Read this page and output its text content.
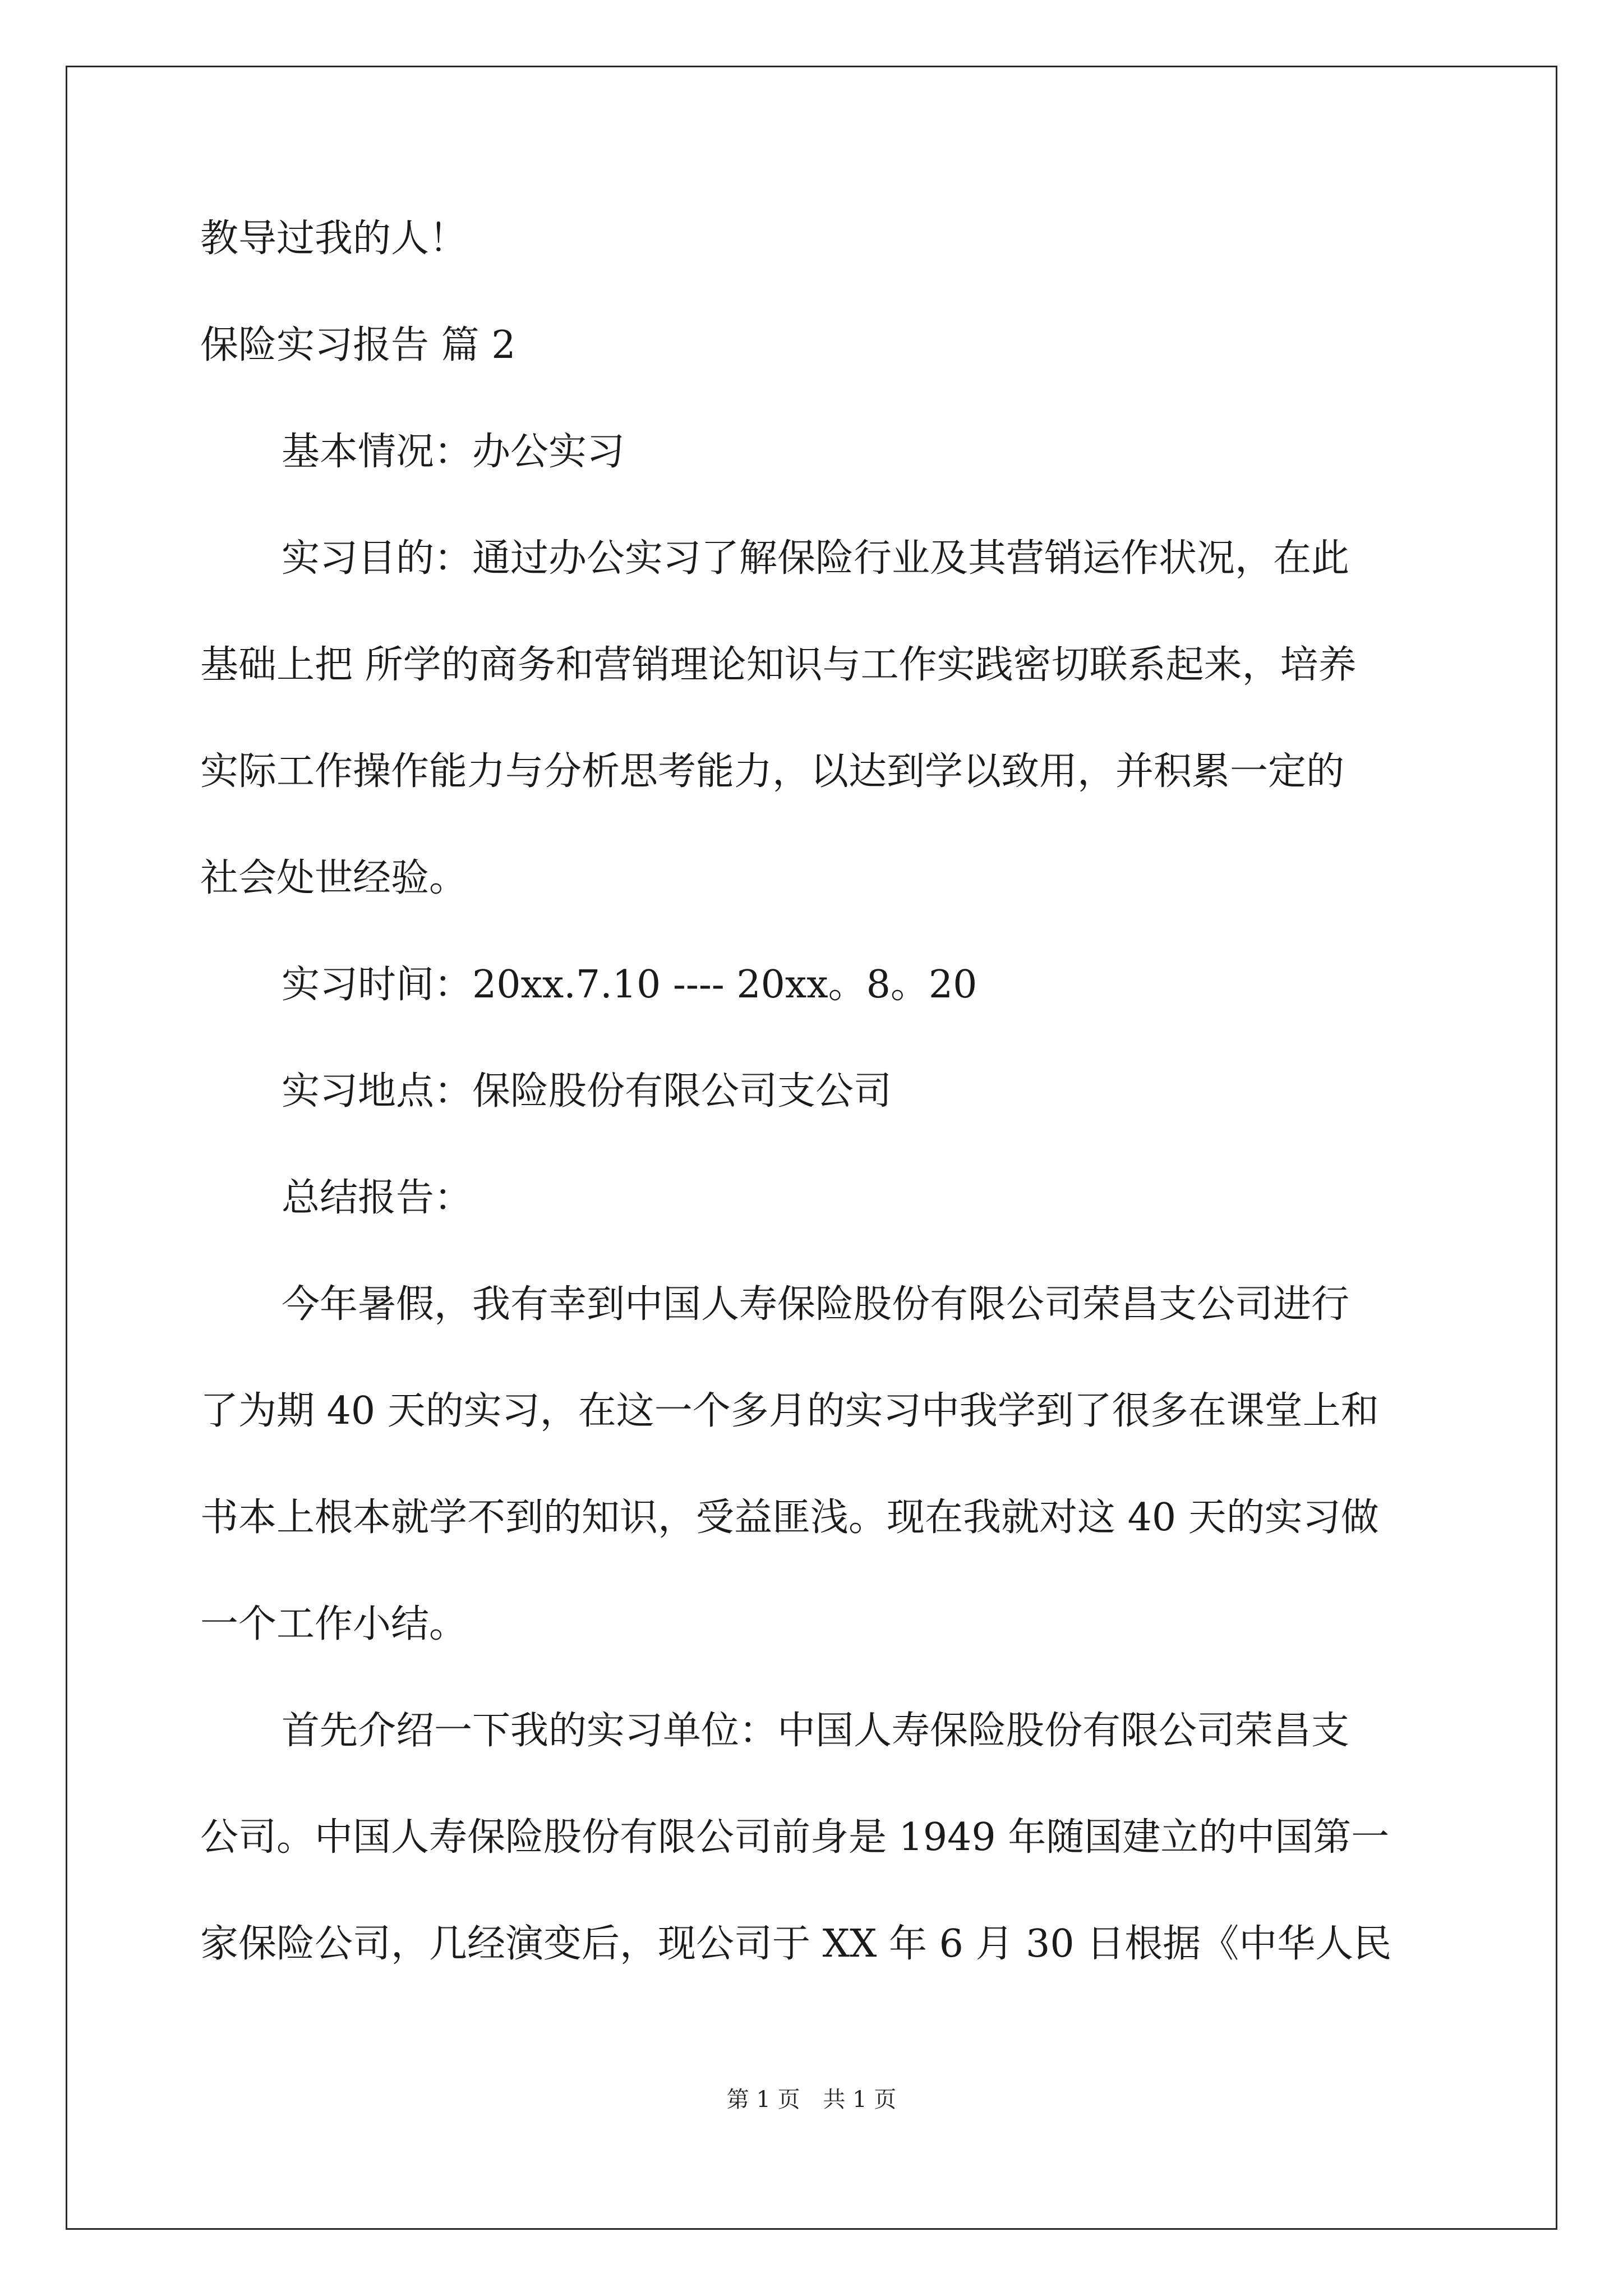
教导过我的人！
保险实习报告 篇 2
基本情况：办公实习
实习目的：通过办公实习了解保险行业及其营销运作状况，在此
基础上把 所学的商务和营销理论知识与工作实践密切联系起来，培养
实际工作操作能力与分析思考能力，以达到学以致用，并积累一定的
社会处世经验。
实习时间：20xx.7.10 ---- 20xx。8。20
实习地点：保险股份有限公司支公司
总结报告：
今年暑假，我有幸到中国人寿保险股份有限公司荣昌支公司进行
了为期 40 天的实习，在这一个多月的实习中我学到了很多在课堂上和
书本上根本就学不到的知识，受益匪浅。现在我就对这 40 天的实习做
一个工作小结。
首先介绍一下我的实习单位：中国人寿保险股份有限公司荣昌支
公司。中国人寿保险股份有限公司前身是 1949 年随国建立的中国第一
家保险公司，几经演变后，现公司于 XX 年 6 月 30 日根据《中华人民
第 1 页 共 1 页
